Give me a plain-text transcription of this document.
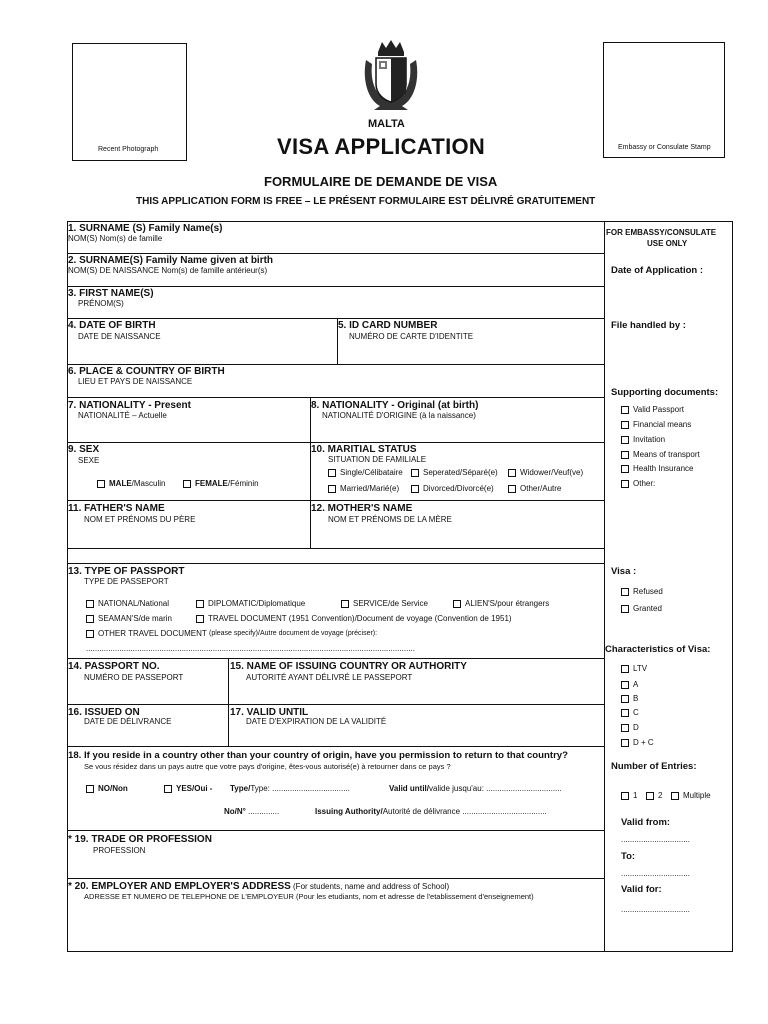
Recent Photograph	Embassy or Consulate Stamp
MALTA
VISA APPLICATION
FORMULAIRE DE DEMANDE DE VISA
THIS APPLICATION FORM IS FREE – LE PRÉSENT FORMULAIRE EST DÉLIVRÉ GRATUITEMENT
1. SURNAME (S) Family Name(s)
NOM(S) Nom(s) de famille
2. SURNAME(S) Family Name given at birth
NOM(S) DE NAISSANCE Nom(s) de famille antérieur(s)
3. FIRST NAME(S)
PRÉNOM(S)
4. DATE OF BIRTH
DATE DE NAISSANCE
5. ID CARD NUMBER
NUMÉRO DE CARTE D'IDENTITE
6. PLACE & COUNTRY OF BIRTH
LIEU ET PAYS DE NAISSANCE
7. NATIONALITY - Present
NATIONALITÉ – Actuelle
8. NATIONALITY - Original (at birth)
NATIONALITÉ D'ORIGINE (à la naissance)
9. SEX
SEXE
MALE /Masculin	FEMALE /Féminin
10. MARITIAL STATUS
SITUATION DE FAMILIALE
Single/Célibataire	Seperated/Séparé(e)	Widower/Veuf(ve)
Married/Marié(e)	Divorced/Divorcé(e)	Other/Autre
11. FATHER'S NAME
NOM ET PRÉNOMS DU PÈRE
12. MOTHER'S NAME
NOM ET PRÉNOMS DE LA MÈRE
13. TYPE OF PASSPORT
TYPE DE PASSEPORT
NATIONAL/National	DIPLOMATIC/Diplomatique	SERVICE/de Service	ALIEN'S/pour étrangers
SEAMAN'S/de marin	TRAVEL DOCUMENT (1951 Convention)/Document de voyage (Convention de 1951)
OTHER TRAVEL DOCUMENT
(please specify)/Autre document de voyage (préciser):
....................................................................................................................................................
14. PASSPORT NO.
NUMÉRO DE PASSEPORT
15. NAME OF ISSUING COUNTRY OR AUTHORITY
AUTORITÉ AYANT DÉLIVRÉ LE PASSEPORT
16. ISSUED ON
DATE DE DÉLIVRANCE
17. VALID UNTIL
DATE D'EXPIRATION DE LA VALIDITÉ
18. If you reside in a country other than your country of origin, have you permission to return to that country?
Se vous résidez dans un pays autre que votre pays d'origine, êtes-vous autorisé(e) à retourner dans ce pays ?
NO/Non	YES/Oui - Type/Type: ...................................	Valid until/valide jusqu'au: ..................................
No/N° ..............	Issuing Authority/Autorité de délivrance ......................................
* 19. TRADE OR PROFESSION
PROFESSION
* 20. EMPLOYER AND EMPLOYER'S ADDRESS (For students, name and address of School)
ADRESSE ET NUMERO DE TELEPHONE DE L'EMPLOYEUR (Pour les etudiants, nom et adresse de l'etablissement d'enseignement)
FOR EMBASSY/CONSULATE
USE ONLY
Date of Application :
File handled by :
Supporting documents:
Valid Passport
Financial means
Invitation
Means of transport
Health Insurance
Other:
Visa :
Refused
Granted
Characteristics of Visa:
LTV
A
B
C
D
D + C
Number of Entries:
1	2	Multiple
Valid from:
...............................
To:
...............................
Valid for:
...............................
